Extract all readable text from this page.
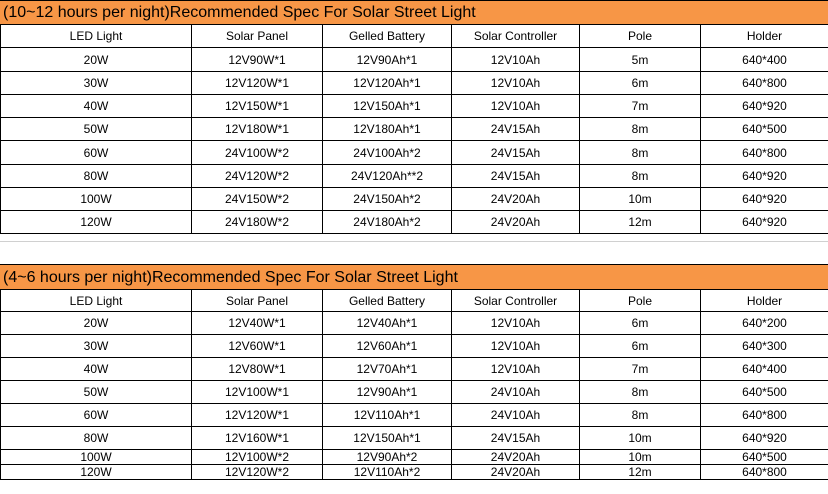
(10~12 hours per night)Recommended Spec For Solar Street Light
LED Light	Solar Panel	Gelled Battery	Solar Controller	Pole	Holder
20W	12V90W*1	12V90Ah*1	12V10Ah	5m	640*400
30W	12V120W*1	12V120Ah*1	12V10Ah	6m	640*800
40W	12V150W*1	12V150Ah*1	12V10Ah	7m	640*920
50W	12V180W*1	12V180Ah*1	24V15Ah	8m	640*500
60W	24V100W*2	24V100Ah*2	24V15Ah	8m	640*800
80W	24V120W*2	24V120Ah**2	24V15Ah	8m	640*920
100W	24V150W*2	24V150Ah*2	24V20Ah	10m	640*920
120W	24V180W*2	24V180Ah*2	24V20Ah	12m	640*920
(4~6 hours per night)Recommended Spec For Solar Street Light
LED Light	Solar Panel	Gelled Battery	Solar Controller	Pole	Holder
20W	12V40W*1	12V40Ah*1	12V10Ah	6m	640*200
30W	12V60W*1	12V60Ah*1	12V10Ah	6m	640*300
40W	12V80W*1	12V70Ah*1	12V10Ah	7m	640*400
50W	12V100W*1	12V90Ah*1	24V10Ah	8m	640*500
60W	12V120W*1	12V110Ah*1	24V10Ah	8m	640*800
80W	12V160W*1	12V150Ah*1	24V15Ah	10m	640*920
100W	12V100W*2	12V90Ah*2	24V20Ah	10m	640*500
120W	12V120W*2	12V110Ah*2	24V20Ah	12m	640*800
